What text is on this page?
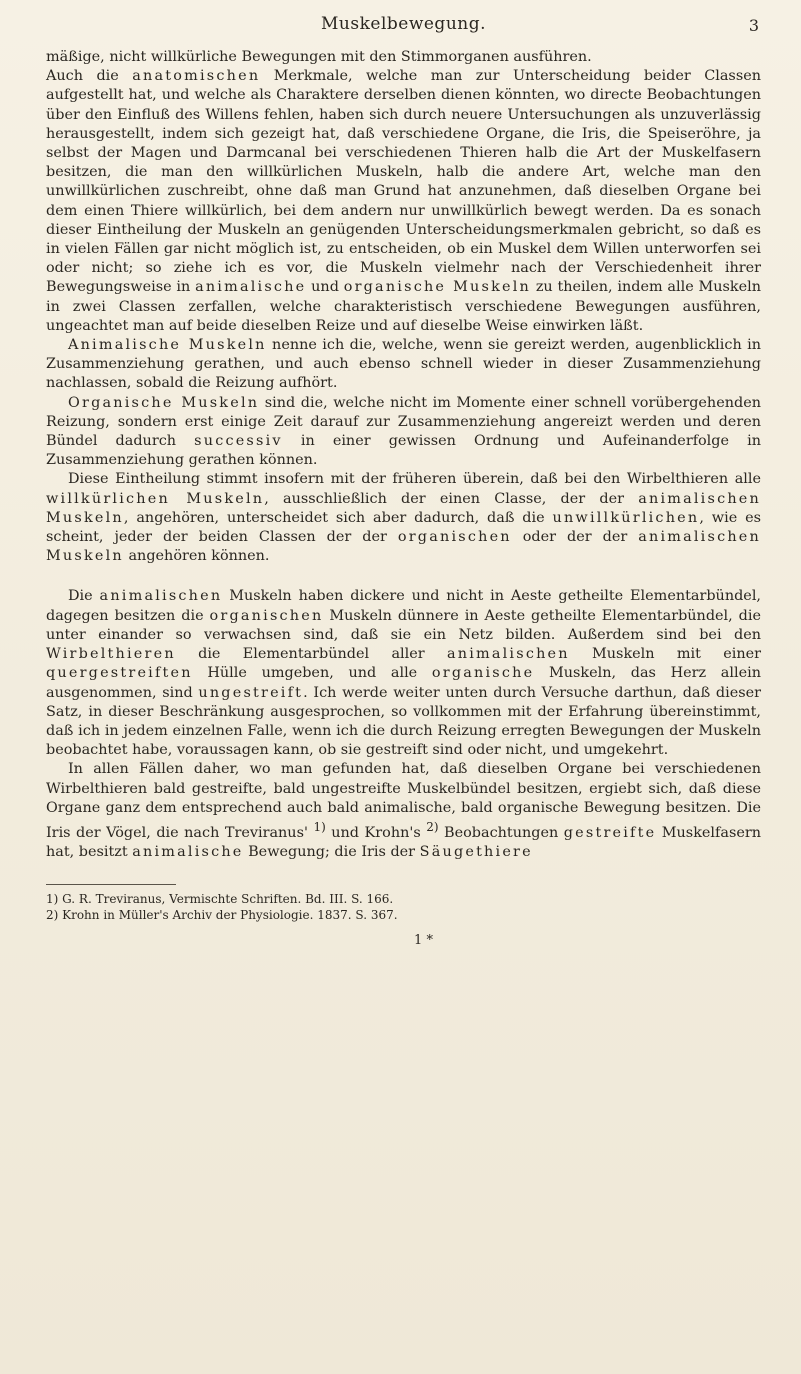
Muskelbewegung.	3

mäßige, nicht willkürliche Bewegungen mit den Stimmorganen ausführen.
Auch die anatomischen Merkmale, welche man zur Unterscheidung beider Classen aufgestellt hat, und welche als Charaktere derselben dienen könnten, wo directe Beobachtungen über den Einfluß des Willens fehlen, haben sich durch neuere Untersuchungen als unzuverlässig herausgestellt, indem sich gezeigt hat, daß verschiedene Organe, die Iris, die Speiseröhre, ja selbst der Magen und Darmcanal bei verschiedenen Thieren halb die Art der Muskelfasern besitzen, die man den willkürlichen Muskeln, halb die andere Art, welche man den unwillkürlichen zuschreibt, ohne daß man Grund hat anzunehmen, daß dieselben Organe bei dem einen Thiere willkürlich, bei dem andern nur unwillkürlich bewegt werden. Da es sonach dieser Eintheilung der Muskeln an genügenden Unterscheidungsmerkmalen gebricht, so daß es in vielen Fällen gar nicht möglich ist, zu entscheiden, ob ein Muskel dem Willen unterworfen sei oder nicht; so ziehe ich es vor, die Muskeln vielmehr nach der Verschiedenheit ihrer Bewegungsweise in animalische und organische Muskeln zu theilen, indem alle Muskeln in zwei Classen zerfallen, welche charakteristisch verschiedene Bewegungen ausführen, ungeachtet man auf beide dieselben Reize und auf dieselbe Weise einwirken läßt.

Animalische Muskeln nenne ich die, welche, wenn sie gereizt werden, augenblicklich in Zusammenziehung gerathen, und auch ebenso schnell wieder in dieser Zusammenziehung nachlassen, sobald die Reizung aufhört.

Organische Muskeln sind die, welche nicht im Momente einer schnell vorübergehenden Reizung, sondern erst einige Zeit darauf zur Zusammenziehung angereizt werden und deren Bündel dadurch successiv in einer gewissen Ordnung und Aufeinanderfolge in Zusammenziehung gerathen können.

Diese Eintheilung stimmt insofern mit der früheren überein, daß bei den Wirbelthieren alle willkürlichen Muskeln, ausschließlich der einen Classe, der der animalischen Muskeln, angehören, unterscheidet sich aber dadurch, daß die unwillkürlichen, wie es scheint, jeder der beiden Classen der der organischen oder der der animalischen Muskeln angehören können.

Die animalischen Muskeln haben dickere und nicht in Aeste getheilte Elementarbündel, dagegen besitzen die organischen Muskeln dünnere in Aeste getheilte Elementarbündel, die unter einander so verwachsen sind, daß sie ein Netz bilden. Außerdem sind bei den Wirbelthieren die Elementarbündel aller animalischen Muskeln mit einer quergestreiften Hülle umgeben, und alle organische Muskeln, das Herz allein ausgenommen, sind ungestreift. Ich werde weiter unten durch Versuche darthun, daß dieser Satz, in dieser Beschränkung ausgesprochen, so vollkommen mit der Erfahrung übereinstimmt, daß ich in jedem einzelnen Falle, wenn ich die durch Reizung erregten Bewegungen der Muskeln beobachtet habe, voraussagen kann, ob sie gestreift sind oder nicht, und umgekehrt.

In allen Fällen daher, wo man gefunden hat, daß dieselben Organe bei verschiedenen Wirbelthieren bald gestreifte, bald ungestreifte Muskelbündel besitzen, ergiebt sich, daß diese Organe ganz dem entsprechend auch bald animalische, bald organische Bewegung besitzen. Die Iris der Vögel, die nach Treviranus' $^{1)}$ und Krohn's $^{2)}$ Beobachtungen gestreifte Muskelfasern hat, besitzt animalische Bewegung; die Iris der Säugethiere

1) G. R. Treviranus, Vermischte Schriften. Bd. III. S. 166.

2) Krohn in Müller's Archiv der Physiologie. 1837. S. 367.

1 *
